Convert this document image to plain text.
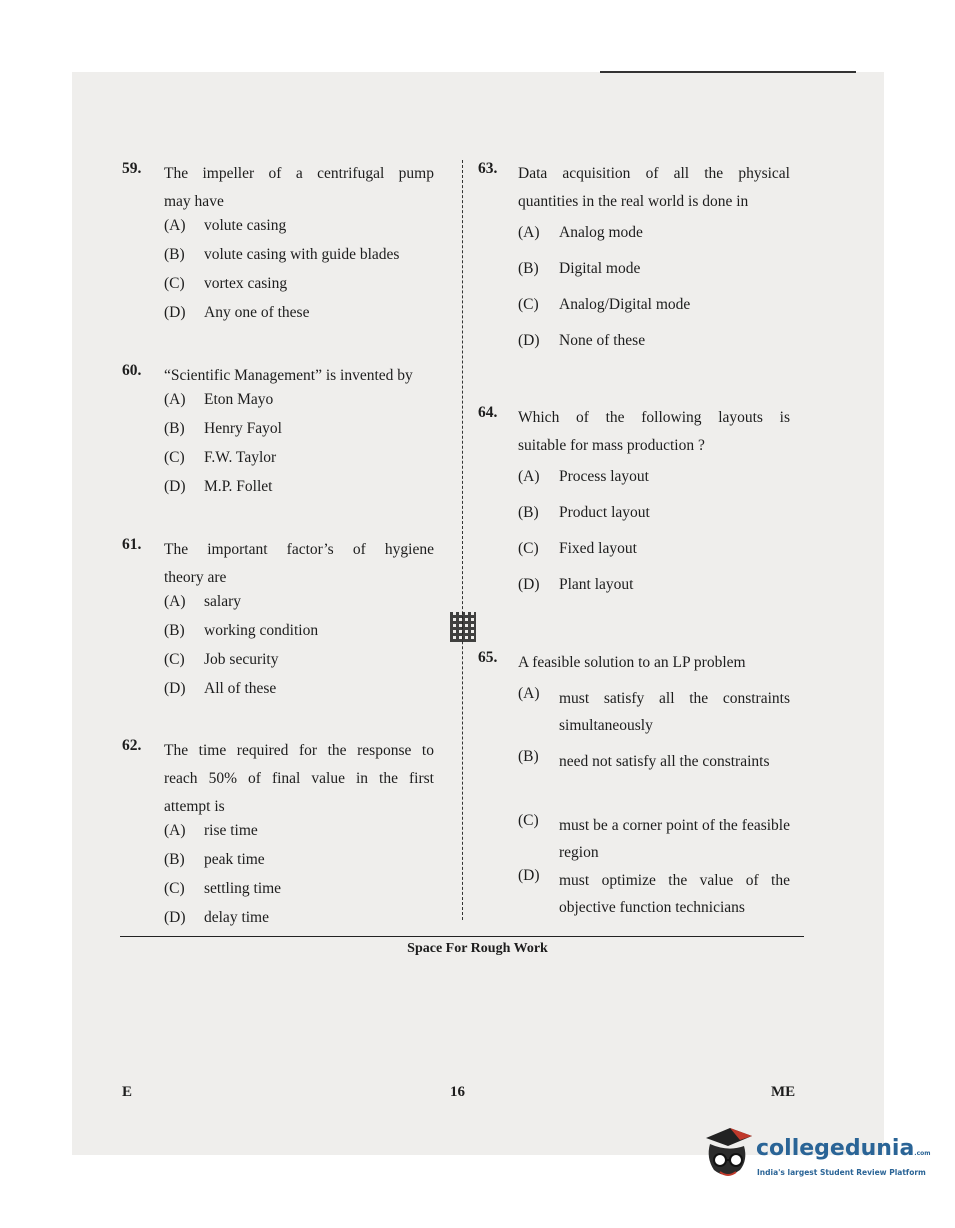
59. The impeller of a centrifugal pump
may have
(A) volute casing
(B) volute casing with guide blades
(C) vortex casing
(D) Any one of these
60. “Scientific Management” is invented by
(A) Eton Mayo
(B) Henry Fayol
(C) F.W. Taylor
(D) M.P. Follet
61. The important factor’s of hygiene
theory are
(A) salary
(B) working condition
(C) Job security
(D) All of these
62. The time required for the response to
reach 50% of final value in the first
attempt is
(A) rise time
(B) peak time
(C) settling time
(D) delay time
63. Data acquisition of all the physical
quantities in the real world is done in
(A) Analog mode
(B) Digital mode
(C) Analog/Digital mode
(D) None of these
64. Which of the following layouts is
suitable for mass production ?
(A) Process layout
(B) Product layout
(C) Fixed layout
(D) Plant layout
65. A feasible solution to an LP problem
(A) must satisfy all the constraints simultaneously
(B) need not satisfy all the constraints
(C) must be a corner point of the feasible region
(D) must optimize the value of the objective function technicians
Space For Rough Work
E	16	ME
collegedunia.com
India's largest Student Review Platform
